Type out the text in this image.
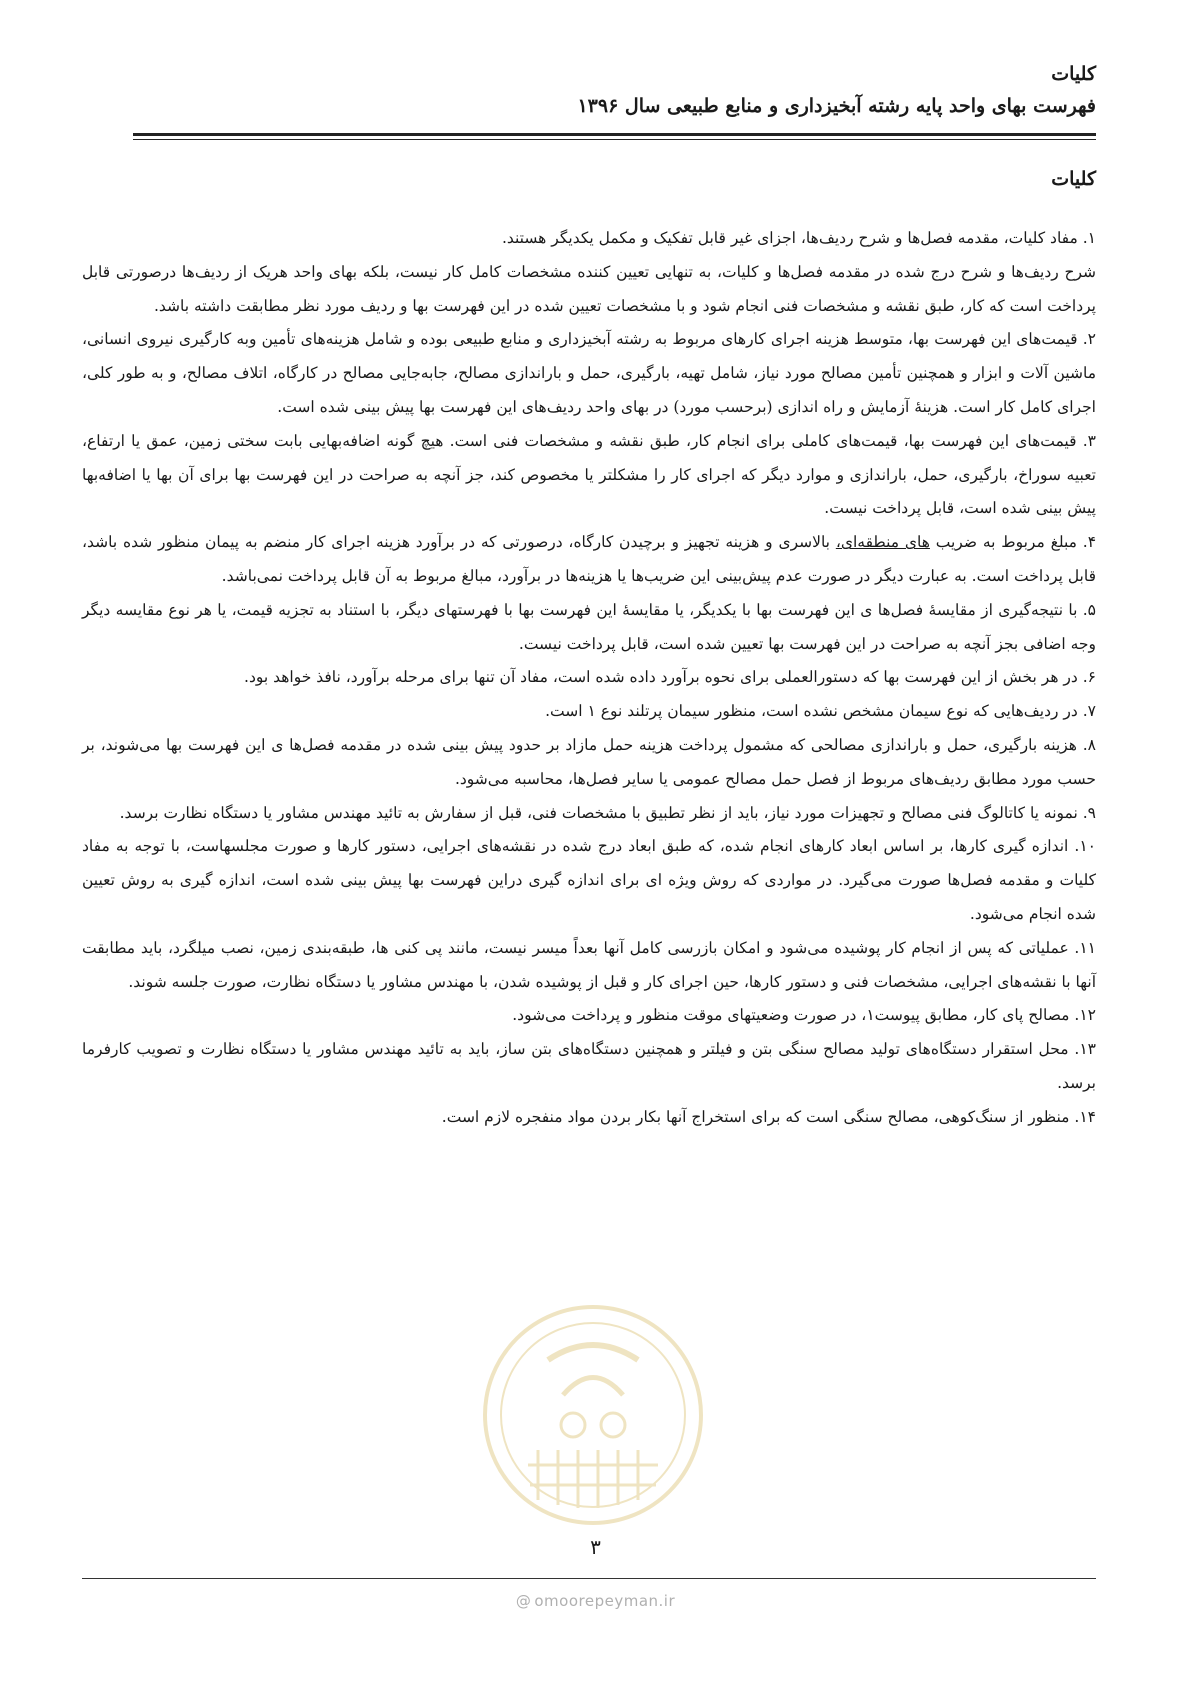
کلیات
فهرست بهای واحد پایه رشته آبخیزداری و منابع طبیعی سال ۱۳۹۶
کلیات

۱. مفاد کلیات، مقدمه فصل‌ها و شرح ردیف‌ها، اجزای غیر قابل تفکیک و مکمل یکدیگر هستند.

شرح ردیف‌ها و شرح درج شده در مقدمه فصل‌ها و کلیات، به تنهایی تعیین کننده مشخصات کامل کار نیست، بلکه بهای واحد هریک از ردیف‌ها درصورتی قابل پرداخت است که کار، طبق نقشه و مشخصات فنی انجام شود و با مشخصات تعیین شده در این فهرست بها و ردیف مورد نظر مطابقت داشته باشد.

۲. قیمت‌های این فهرست بها، متوسط هزینه اجرای کارهای مربوط به رشته آبخیزداری و منابع طبیعی بوده و شامل هزینه‌های تأمین وبه کارگیری نیروی انسانی، ماشین آلات و ابزار و همچنین تأمین مصالح مورد نیاز، شامل تهیه، بارگیری، حمل و باراندازی مصالح، جابه‌جایی مصالح در کارگاه، اتلاف مصالح، و به طور کلی، اجرای کامل کار است. هزینهٔ آزمایش و راه اندازی (برحسب مورد) در بهای واحد ردیف‌های این فهرست بها پیش بینی شده است.

۳. قیمت‌های این فهرست بها، قیمت‌های کاملی برای انجام کار، طبق نقشه و مشخصات فنی است. هیچ گونه اضافه‌بهایی بابت سختی زمین، عمق یا ارتفاع، تعبیه سوراخ، بارگیری، حمل، باراندازی و موارد دیگر که اجرای کار را مشکلتر یا مخصوص کند، جز آنچه به صراحت در این فهرست بها برای آن بها یا اضافه‌بها پیش بینی شده است، قابل پرداخت نیست.

۴. مبلغ مربوط به ضریب های منطقه‌ای، بالاسری و هزینه تجهیز و برچیدن کارگاه، درصورتی که در برآورد هزینه اجرای کار منضم به پیمان منظور شده باشد، قابل پرداخت است. به عبارت دیگر در صورت عدم پیش‌بینی این ضریب‌ها یا هزینه‌ها در برآورد، مبالغ مربوط به آن قابل پرداخت نمی‌باشد.

۵. با نتیجه‌گیری از مقایسهٔ فصل‌ها ی این فهرست بها با یکدیگر، یا مقایسهٔ این فهرست بها با فهرستهای دیگر، با استناد به تجزیه قیمت، یا هر نوع مقایسه دیگر وجه اضافی بجز آنچه به صراحت در این فهرست بها تعیین شده است، قابل پرداخت نیست.

۶. در هر بخش از این فهرست بها که دستورالعملی برای نحوه برآورد داده شده است، مفاد آن تنها برای مرحله برآورد، نافذ خواهد بود.

۷. در ردیف‌هایی که نوع سیمان مشخص نشده است، منظور سیمان پرتلند نوع ۱ است.

۸. هزینه بارگیری، حمل و باراندازی مصالحی که مشمول پرداخت هزینه حمل مازاد بر حدود پیش بینی شده در مقدمه فصل‌ها ی این فهرست بها می‌شوند، بر حسب مورد مطابق ردیف‌های مربوط از فصل حمل مصالح عمومی یا سایر فصل‌ها، محاسبه می‌شود.

۹. نمونه یا کاتالوگ فنی مصالح و تجهیزات مورد نیاز، باید از نظر تطبیق با مشخصات فنی، قبل از سفارش به تائید مهندس مشاور یا دستگاه نظارت برسد.

۱۰. اندازه گیری کارها، بر اساس ابعاد کارهای انجام شده، که طبق ابعاد درج شده در نقشه‌های اجرایی، دستور کارها و صورت مجلسهاست، با توجه به مفاد کلیات و مقدمه فصل‌ها صورت می‌گیرد. در مواردی که روش ویژه ای برای اندازه گیری دراین فهرست بها پیش بینی شده است، اندازه گیری به روش تعیین شده انجام می‌شود.

۱۱. عملیاتی که پس از انجام کار پوشیده می‌شود و امکان بازرسی کامل آنها بعداً میسر نیست، مانند پی کنی ها، طبقه‌بندی زمین، نصب میلگرد، باید مطابقت آنها با نقشه‌های اجرایی، مشخصات فنی و دستور کارها، حین اجرای کار و قبل از پوشیده شدن، با مهندس مشاور یا دستگاه نظارت، صورت جلسه شوند.

۱۲. مصالح پای کار، مطابق پیوست۱، در صورت وضعیتهای موقت منظور و پرداخت می‌شود.

۱۳. محل استقرار دستگاه‌های تولید مصالح سنگی بتن و فیلتر و همچنین دستگاه‌های بتن ساز، باید به تائید مهندس مشاور یا دستگاه نظارت و تصویب کارفرما برسد.

۱۴. منظور از سنگ‌کوهی، مصالح سنگی است که برای استخراج آنها بکار بردن مواد منفجره لازم است.

۳
@ omoorepeyman.ir
